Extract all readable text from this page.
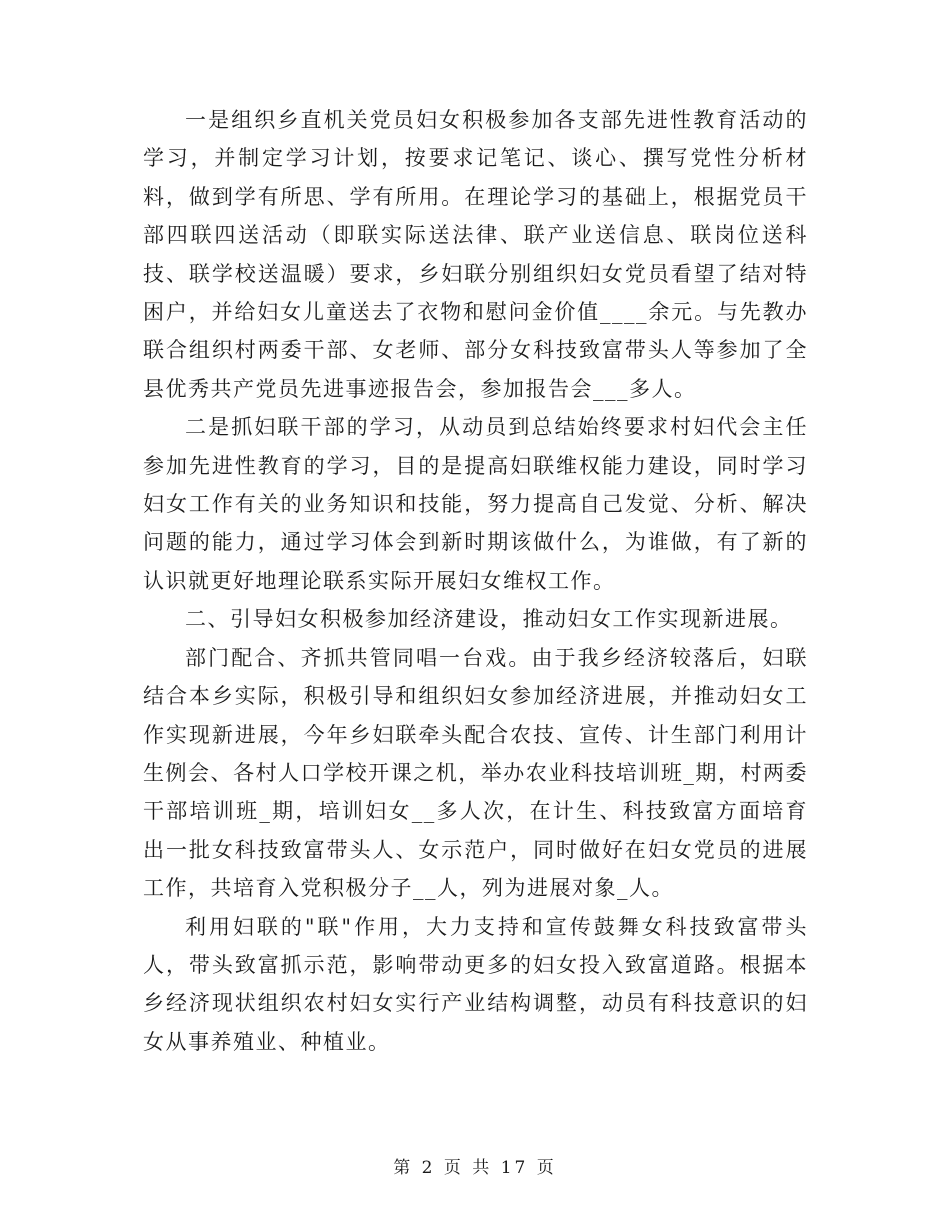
一是组织乡直机关党员妇女积极参加各支部先进性教育活动的学习，并制定学习计划，按要求记笔记、谈心、撰写党性分析材料，做到学有所思、学有所用。在理论学习的基础上，根据党员干部四联四送活动（即联实际送法律、联产业送信息、联岗位送科技、联学校送温暖）要求，乡妇联分别组织妇女党员看望了结对特困户，并给妇女儿童送去了衣物和慰问金价值____余元。与先教办联合组织村两委干部、女老师、部分女科技致富带头人等参加了全县优秀共产党员先进事迹报告会，参加报告会___多人。

二是抓妇联干部的学习，从动员到总结始终要求村妇代会主任参加先进性教育的学习，目的是提高妇联维权能力建设，同时学习妇女工作有关的业务知识和技能，努力提高自己发觉、分析、解决问题的能力，通过学习体会到新时期该做什么，为谁做，有了新的认识就更好地理论联系实际开展妇女维权工作。

二、引导妇女积极参加经济建设，推动妇女工作实现新进展。

部门配合、齐抓共管同唱一台戏。由于我乡经济较落后，妇联结合本乡实际，积极引导和组织妇女参加经济进展，并推动妇女工作实现新进展，今年乡妇联牵头配合农技、宣传、计生部门利用计生例会、各村人口学校开课之机，举办农业科技培训班_期，村两委干部培训班_期，培训妇女__多人次，在计生、科技致富方面培育出一批女科技致富带头人、女示范户，同时做好在妇女党员的进展工作，共培育入党积极分子__人，列为进展对象_人。

利用妇联的"联"作用，大力支持和宣传鼓舞女科技致富带头人，带头致富抓示范，影响带动更多的妇女投入致富道路。根据本乡经济现状组织农村妇女实行产业结构调整，动员有科技意识的妇女从事养殖业、种植业。

第 2 页 共 17 页
